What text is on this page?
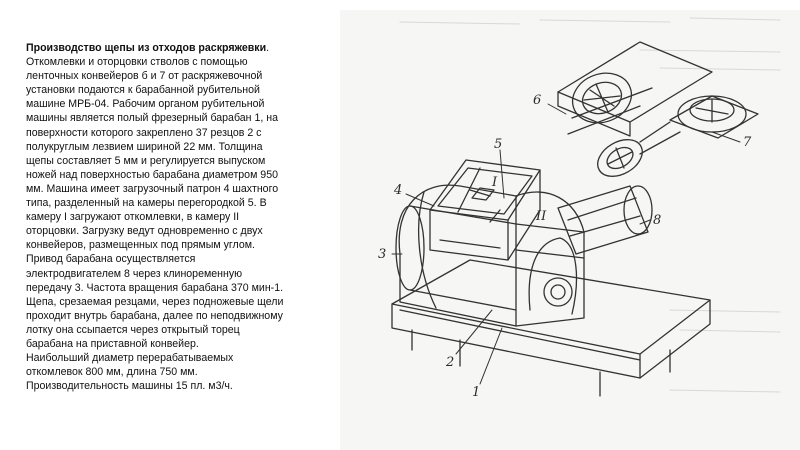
Производство щепы из отходов раскряжевки.

Откомлевки и оторцовки стволов с помощью

ленточных конвейеров б и 7 от раскряжевочной

установки подаются к барабанной рубительной

машине МРБ-04. Рабочим органом рубительной

машины является полый фрезерный барабан 1, на

поверхности которого закреплено 37 резцов 2 с

полукруглым лезвием шириной 22 мм. Толщина

щепы составляет 5 мм и регулируется выпуском

ножей над поверхностью барабана диаметром 950

мм. Машина имеет загрузочный патрон 4 шахтного

типа, разделенный на камеры перегородкой 5. В

камеру I загружают откомлевки, в камеру II

оторцовки. Загрузку ведут одновременно с двух

конвейеров, размещенных под прямым углом.

Привод барабана осуществляется

электродвигателем 8 через клиноременную

передачу 3. Частота вращения барабана 370 мин-1.

Щепа, срезаемая резцами, через подножевые щели

проходит внутрь барабана, далее по неподвижному

лотку она ссыпается через открытый торец

барабана на приставной конвейер.

Наибольший диаметр перерабатываемых

откомлевок 800 мм, длина 750 мм.

Производительность машины 15 пл. м3/ч.

6
7
5
4
3
8
2
1
I
II
